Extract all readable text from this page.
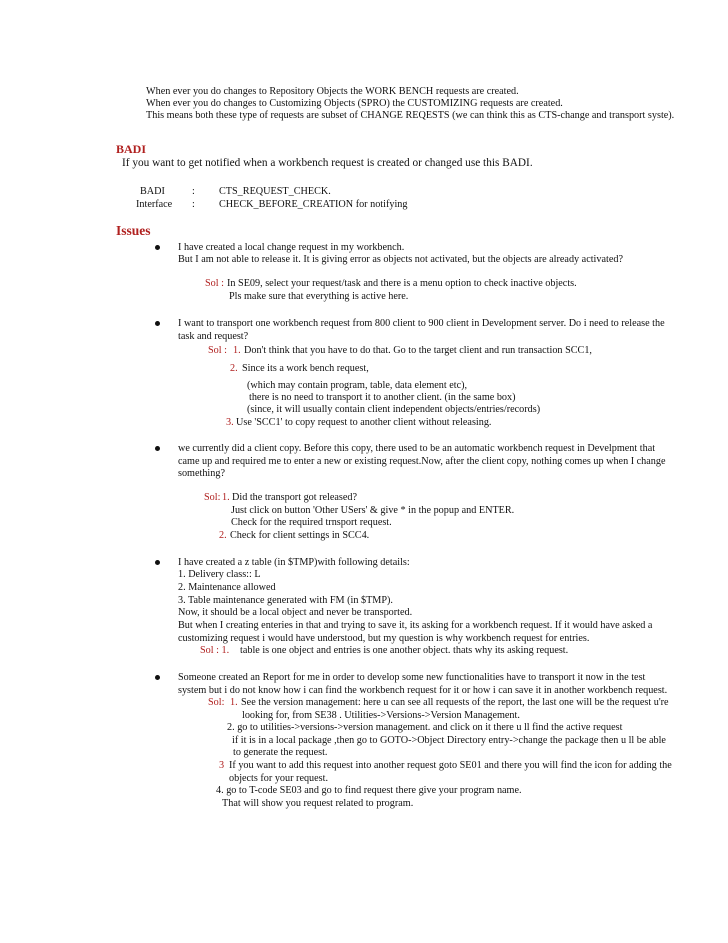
When ever you do changes to Repository Objects the WORK BENCH requests are created.
When ever you do changes to Customizing Objects (SPRO) the CUSTOMIZING requests are created.
This means both these type of requests are subset of CHANGE REQESTS (we can think this as CTS-change and transport syste).
BADI
If you want to get notified when a workbench request is created or changed use this BADI.
BADI	: CTS_REQUEST_CHECK.
Interface : CHECK_BEFORE_CREATION for notifying
Issues
I have created a local change request in my workbench.
But I am not able to release it. It is giving error as objects not activated, but the objects are already activated?
Sol : In SE09, select your request/task and there is a menu option to check inactive objects.
Pls make sure that everything is active here.
I want to transport one workbench request from 800 client to 900 client in Development server. Do i need to release the
task and request?
Sol : 1. Don't think that you have to do that. Go to the target client and run transaction SCC1,
2. Since its a work bench request,
(which may contain program, table, data element etc),
there is no need to transport it to another client. (in the same box)
(since, it will usually contain client independent objects/entries/records)
3. Use 'SCC1' to copy request to another client without releasing.
we currently did a client copy. Before this copy, there used to be an automatic workbench request in Develpment that
came up and required me to enter a new or existing request.Now, after the client copy, nothing comes up when I change
something?
Sol: 1. Did the transport got released?
Just click on button 'Other USers' & give * in the popup and ENTER.
Check for the required trnsport request.
2. Check for client settings in SCC4.
I have created a z table (in $TMP)with following details:
1. Delivery class:: L
2. Maintenance allowed
3. Table maintenance generated with FM (in $TMP).
Now, it should be a local object and never be transported.
But when I creating enteries in that and trying to save it, its asking for a workbench request. If it would have asked a
customizing request i would have understood, but my question is why workbench request for entries.
Sol : 1. table is one object and entries is one another object. thats why its asking request.
Someone created an Report for me in order to develop some new functionalities have to transport it now in the test
system but i do not know how i can find the workbench request for it or how i can save it in another workbench request.
Sol: 1. See the version management: here u can see all requests of the report, the last one will be the request u're
looking for, from SE38 . Utilities->Versions->Version Management.
2. go to utilities->versions->version management. and click on it there u ll find the active request
if it is in a local package ,then go to GOTO->Object Directory entry->change the package then u ll be able
to generate the request.
3 If you want to add this request into another request goto SE01 and there you will find the icon for adding the
objects for your request.
4. go to T-code SE03 and go to find request there give your program name.
That will show you request related to program.
